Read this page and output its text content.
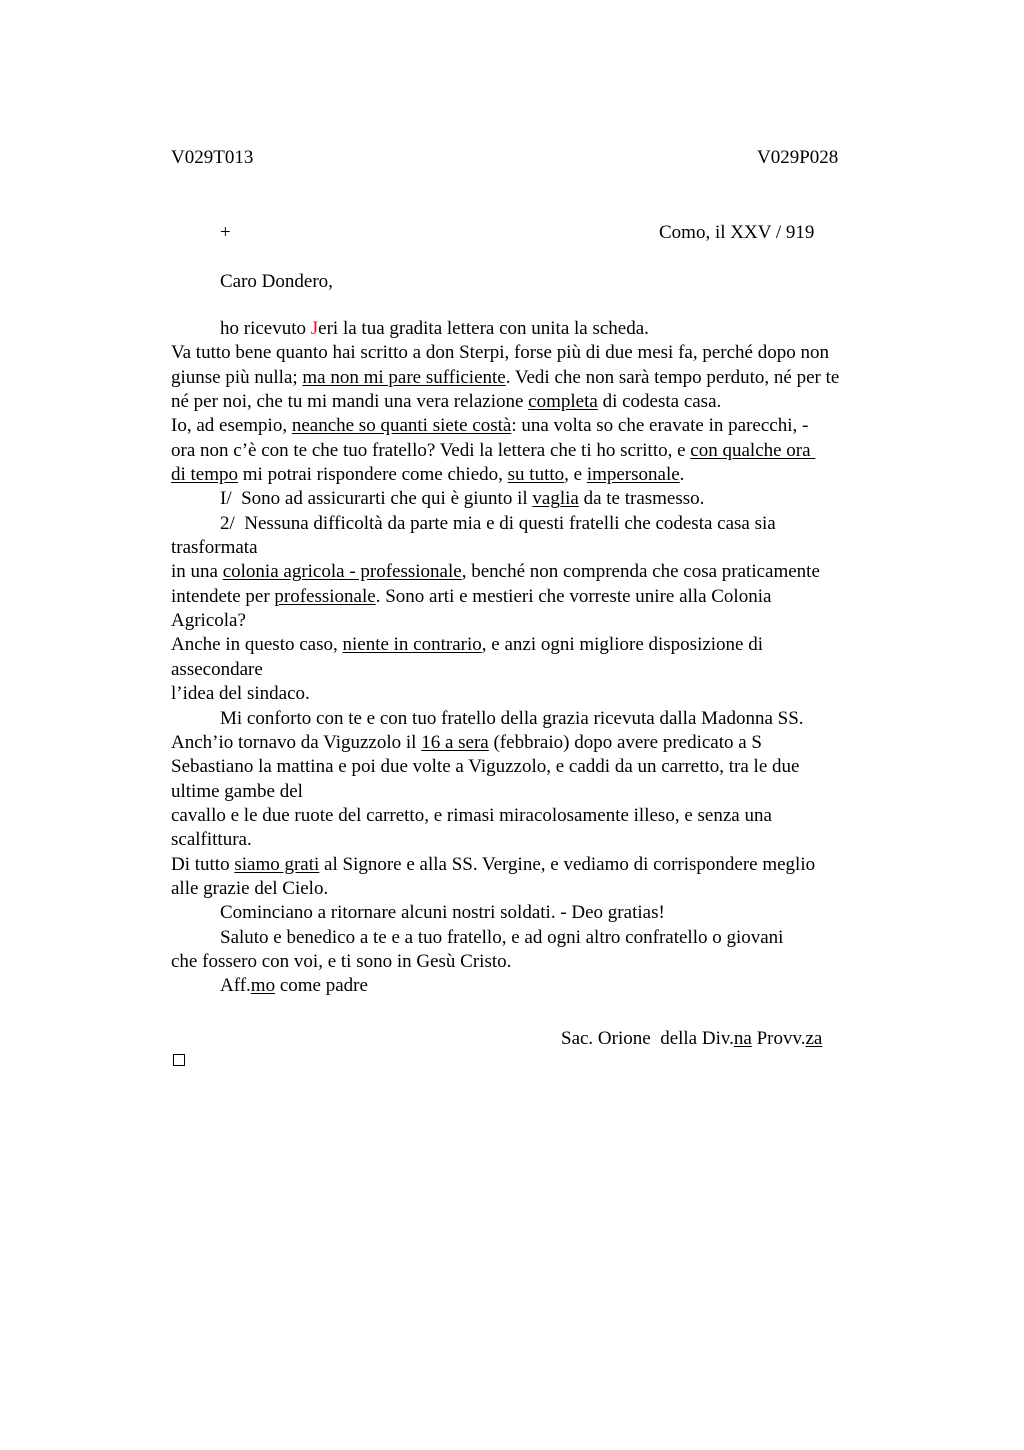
V029T013	V029P028
+	Como, il XXV / 919
Caro Dondero,
ho ricevuto Jeri la tua gradita lettera con unita la scheda.
Va tutto bene quanto hai scritto a don Sterpi, forse più di due mesi fa, perché dopo non
giunse più nulla; ma non mi pare sufficiente. Vedi che non sarà tempo perduto, né per te
né per noi, che tu mi mandi una vera relazione completa di codesta casa.
Io, ad esempio, neanche so quanti siete costà: una volta so che eravate in parecchi, -
ora non c’è con te che tuo fratello? Vedi la lettera che ti ho scritto, e con qualche ora
di tempo mi potrai rispondere come chiedo, su tutto, e impersonale.
I/  Sono ad assicurarti che qui è giunto il vaglia da te trasmesso.
2/  Nessuna difficoltà da parte mia e di questi fratelli che codesta casa sia
trasformata
in una colonia agricola - professionale, benché non comprenda che cosa praticamente
intendete per professionale. Sono arti e mestieri che vorreste unire alla Colonia
Agricola?
Anche in questo caso, niente in contrario, e anzi ogni migliore disposizione di
assecondare
l’idea del sindaco.
Mi conforto con te e con tuo fratello della grazia ricevuta dalla Madonna SS.
Anch’io tornavo da Viguzzolo il 16 a sera (febbraio) dopo avere predicato a S
Sebastiano la mattina e poi due volte a Viguzzolo, e caddi da un carretto, tra le due
ultime gambe del
cavallo e le due ruote del carretto, e rimasi miracolosamente illeso, e senza una
scalfittura.
Di tutto siamo grati al Signore e alla SS. Vergine, e vediamo di corrispondere meglio
alle grazie del Cielo.
Cominciano a ritornare alcuni nostri soldati. - Deo gratias!
Saluto e benedico a te e a tuo fratello, e ad ogni altro confratello o giovani
che fossero con voi, e ti sono in Gesù Cristo.
Aff.mo come padre
Sac. Orione  della Div.na Provv.za
